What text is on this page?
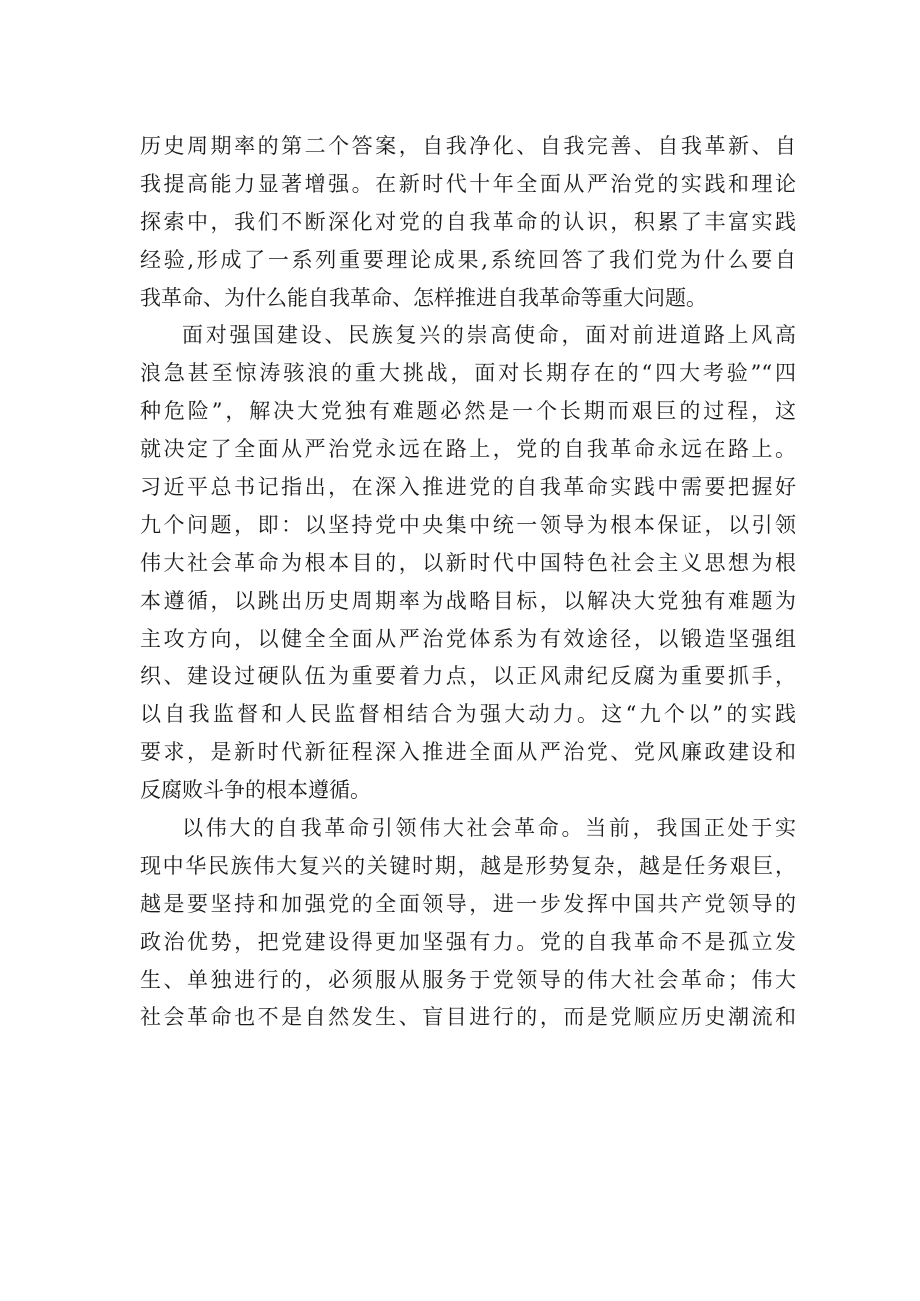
历史周期率的第二个答案，自我净化、自我完善、自我革新、自
我提高能力显著增强。在新时代十年全面从严治党的实践和理论
探索中，我们不断深化对党的自我革命的认识，积累了丰富实践
经验,形成了一系列重要理论成果,系统回答了我们党为什么要自
我革命、为什么能自我革命、怎样推进自我革命等重大问题。
面对强国建设、民族复兴的崇高使命，面对前进道路上风高
浪急甚至惊涛骇浪的重大挑战，面对长期存在的“四大考验”“四
种危险”，解决大党独有难题必然是一个长期而艰巨的过程，这
就决定了全面从严治党永远在路上，党的自我革命永远在路上。
习近平总书记指出，在深入推进党的自我革命实践中需要把握好
九个问题，即：以坚持党中央集中统一领导为根本保证，以引领
伟大社会革命为根本目的，以新时代中国特色社会主义思想为根
本遵循，以跳出历史周期率为战略目标，以解决大党独有难题为
主攻方向，以健全全面从严治党体系为有效途径，以锻造坚强组
织、建设过硬队伍为重要着力点，以正风肃纪反腐为重要抓手，
以自我监督和人民监督相结合为强大动力。这“九个以”的实践
要求，是新时代新征程深入推进全面从严治党、党风廉政建设和
反腐败斗争的根本遵循。
以伟大的自我革命引领伟大社会革命。当前，我国正处于实
现中华民族伟大复兴的关键时期，越是形势复杂，越是任务艰巨，
越是要坚持和加强党的全面领导，进一步发挥中国共产党领导的
政治优势，把党建设得更加坚强有力。党的自我革命不是孤立发
生、单独进行的，必须服从服务于党领导的伟大社会革命；伟大
社会革命也不是自然发生、盲目进行的，而是党顺应历史潮流和
